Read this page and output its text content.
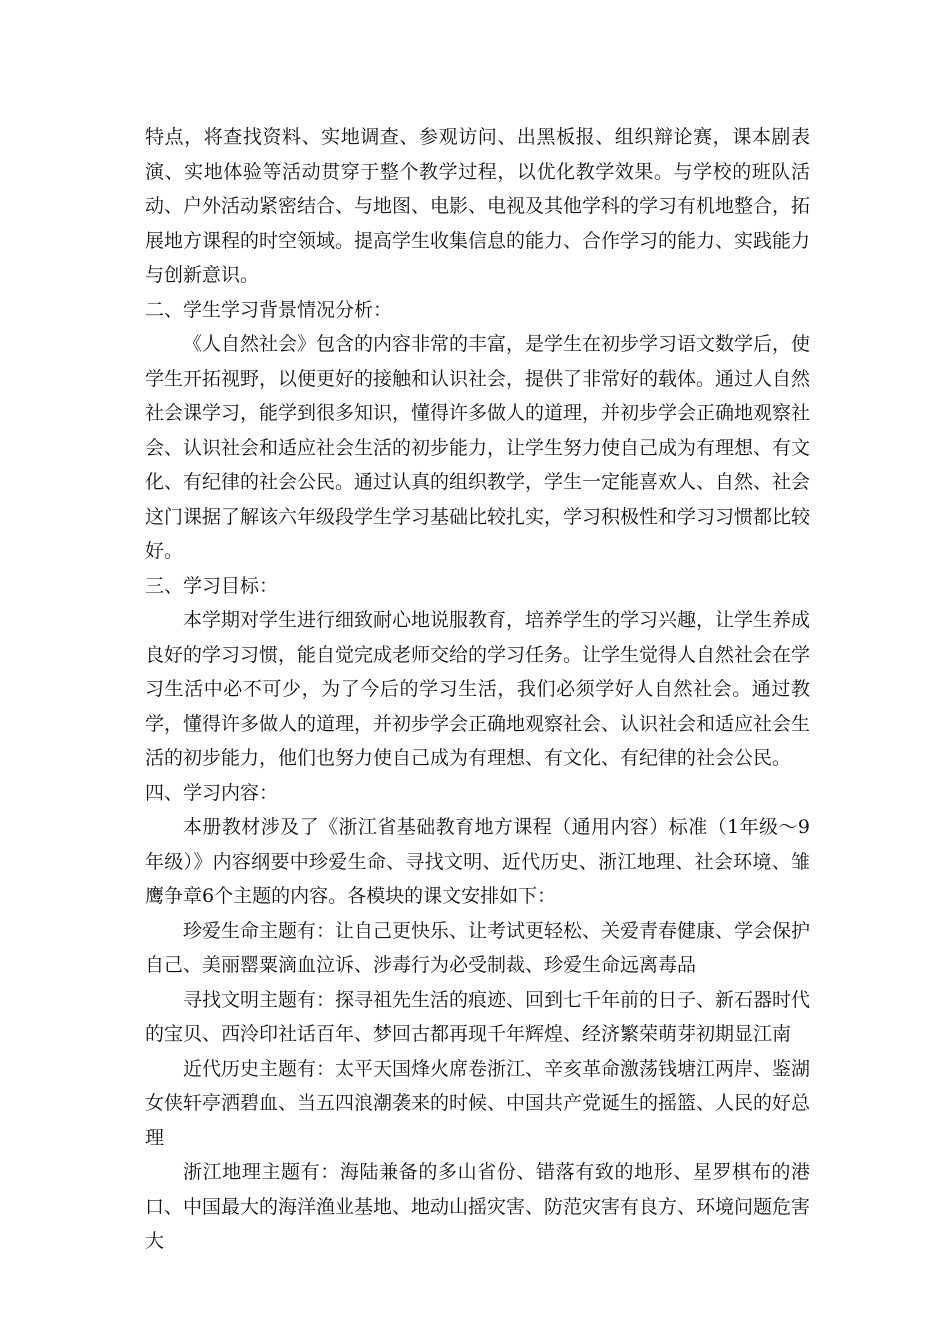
特点，将查找资料、实地调查、参观访问、出黑板报、组织辩论赛，课本剧表演、实地体验等活动贯穿于整个教学过程，以优化教学效果。与学校的班队活动、户外活动紧密结合、与地图、电影、电视及其他学科的学习有机地整合，拓展地方课程的时空领域。提高学生收集信息的能力、合作学习的能力、实践能力与创新意识。

二、学生学习背景情况分析：

《人自然社会》包含的内容非常的丰富，是学生在初步学习语文数学后，使学生开拓视野，以便更好的接触和认识社会，提供了非常好的载体。通过人自然社会课学习，能学到很多知识，懂得许多做人的道理，并初步学会正确地观察社会、认识社会和适应社会生活的初步能力，让学生努力使自己成为有理想、有文化、有纪律的社会公民。通过认真的组织教学，学生一定能喜欢人、自然、社会这门课据了解该六年级段学生学习基础比较扎实，学习积极性和学习习惯都比较好。

三、学习目标：

本学期对学生进行细致耐心地说服教育，培养学生的学习兴趣，让学生养成良好的学习习惯，能自觉完成老师交给的学习任务。让学生觉得人自然社会在学习生活中必不可少，为了今后的学习生活，我们必须学好人自然社会。通过教学，懂得许多做人的道理，并初步学会正确地观察社会、认识社会和适应社会生活的初步能力，他们也努力使自己成为有理想、有文化、有纪律的社会公民。

四、学习内容：

本册教材涉及了《浙江省基础教育地方课程（通用内容）标准（1年级～9年级）》内容纲要中珍爱生命、寻找文明、近代历史、浙江地理、社会环境、雏鹰争章6个主题的内容。各模块的课文安排如下：

珍爱生命主题有：让自己更快乐、让考试更轻松、关爱青春健康、学会保护自己、美丽罂粟滴血泣诉、涉毒行为必受制裁、珍爱生命远离毒品

寻找文明主题有：探寻祖先生活的痕迹、回到七千年前的日子、新石器时代的宝贝、西泠印社话百年、梦回古都再现千年辉煌、经济繁荣萌芽初期显江南

近代历史主题有：太平天国烽火席卷浙江、辛亥革命激荡钱塘江两岸、鉴湖女侠轩亭洒碧血、当五四浪潮袭来的时候、中国共产党诞生的摇篮、人民的好总理

浙江地理主题有：海陆兼备的多山省份、错落有致的地形、星罗棋布的港口、中国最大的海洋渔业基地、地动山摇灾害、防范灾害有良方、环境问题危害大
